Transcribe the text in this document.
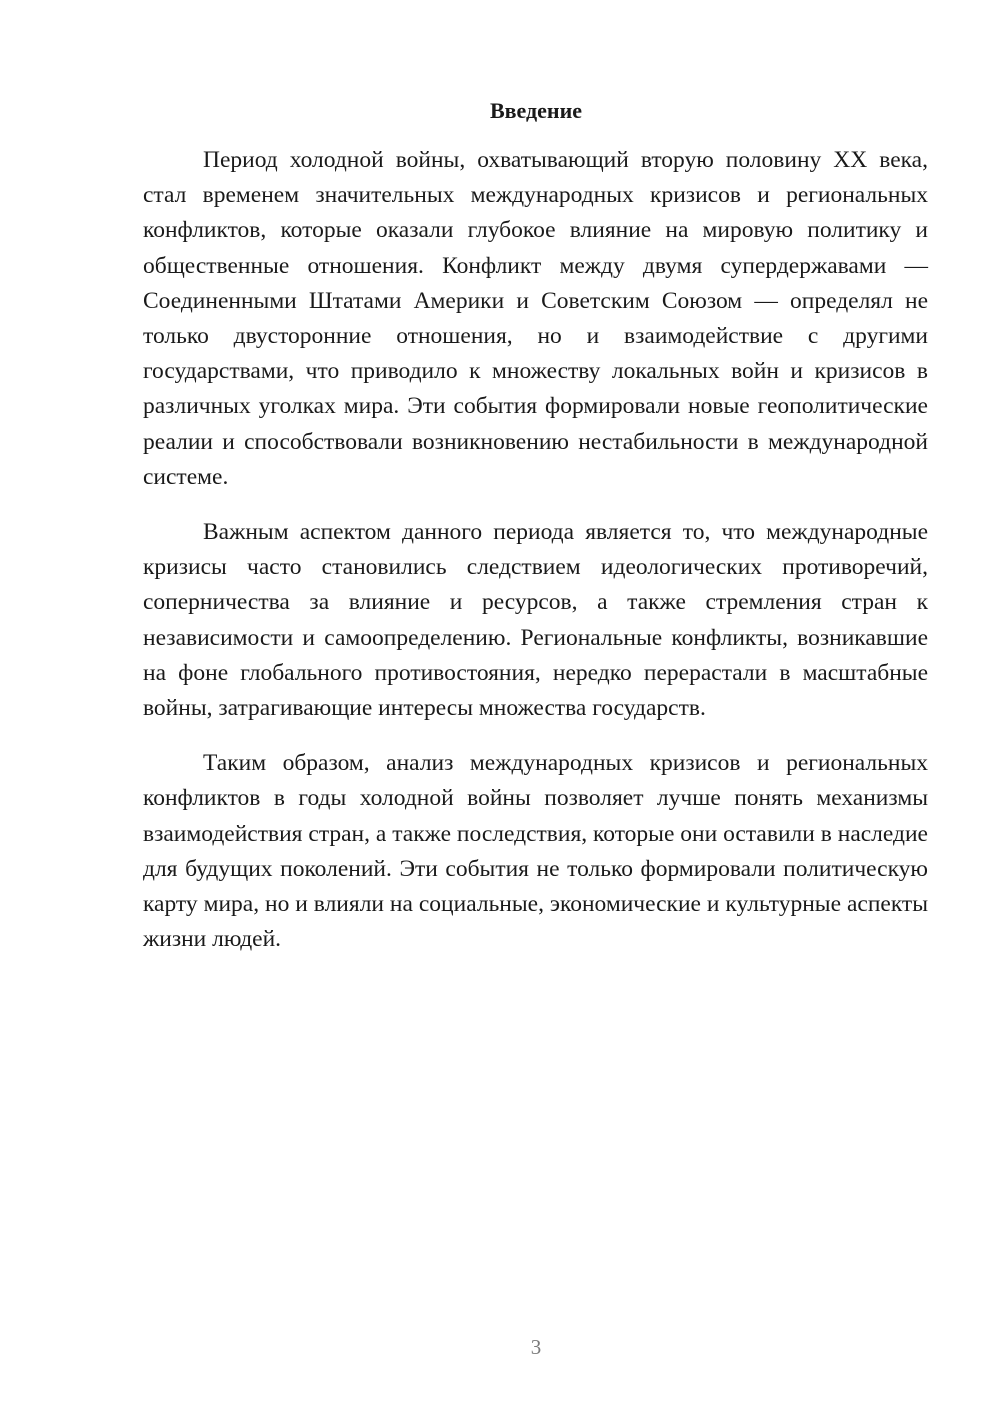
Введение

Период холодной войны, охватывающий вторую половину XX века, стал временем значительных международных кризисов и региональных конфликтов, которые оказали глубокое влияние на мировую политику и общественные отношения. Конфликт между двумя супердержавами — Соединенными Штатами Америки и Советским Союзом — определял не только двусторонние отношения, но и взаимодействие с другими государствами, что приводило к множеству локальных войн и кризисов в различных уголках мира. Эти события формировали новые геополитические реалии и способствовали возникновению нестабильности в международной системе.

Важным аспектом данного периода является то, что международные кризисы часто становились следствием идеологических противоречий, соперничества за влияние и ресурсов, а также стремления стран к независимости и самоопределению. Региональные конфликты, возникавшие на фоне глобального противостояния, нередко перерастали в масштабные войны, затрагивающие интересы множества государств.

Таким образом, анализ международных кризисов и региональных конфликтов в годы холодной войны позволяет лучше понять механизмы взаимодействия стран, а также последствия, которые они оставили в наследие для будущих поколений. Эти события не только формировали политическую карту мира, но и влияли на социальные, экономические и культурные аспекты жизни людей.

3
